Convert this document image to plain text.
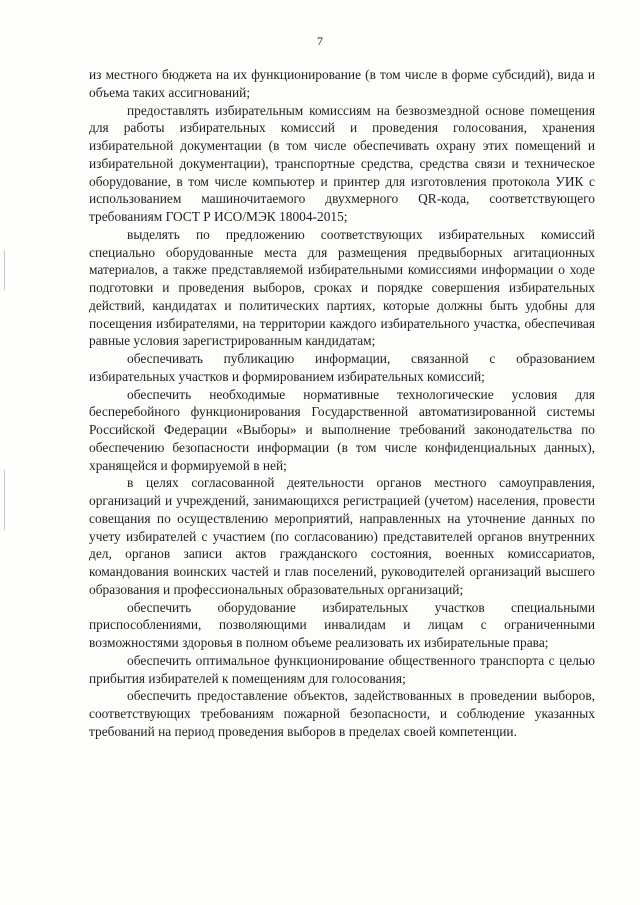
7

из местного бюджета на их функционирование (в том числе в форме субсидий), вида и объема таких ассигнований;

предоставлять избирательным комиссиям на безвозмездной основе помещения для работы избирательных комиссий и проведения голосования, хранения избирательной документации (в том числе обеспечивать охрану этих помещений и избирательной документации), транспортные средства, средства связи и техническое оборудование, в том числе компьютер и принтер для изготовления протокола УИК с использованием машиночитаемого двухмерного QR-кода, соответствующего требованиям ГОСТ Р ИСО/МЭК 18004-2015;

выделять по предложению соответствующих избирательных комиссий специально оборудованные места для размещения предвыборных агитационных материалов, а также представляемой избирательными комиссиями информации о ходе подготовки и проведения выборов, сроках и порядке совершения избирательных действий, кандидатах и политических партиях, которые должны быть удобны для посещения избирателями, на территории каждого избирательного участка, обеспечивая равные условия зарегистрированным кандидатам;

обеспечивать публикацию информации, связанной с образованием избирательных участков и формированием избирательных комиссий;

обеспечить необходимые нормативные технологические условия для бесперебойного функционирования Государственной автоматизированной системы Российской Федерации «Выборы» и выполнение требований законодательства по обеспечению безопасности информации (в том числе конфиденциальных данных), хранящейся и формируемой в ней;

в целях согласованной деятельности органов местного самоуправления, организаций и учреждений, занимающихся регистрацией (учетом) населения, провести совещания по осуществлению мероприятий, направленных на уточнение данных по учету избирателей с участием (по согласованию) представителей органов внутренних дел, органов записи актов гражданского состояния, военных комиссариатов, командования воинских частей и глав поселений, руководителей организаций высшего образования и профессиональных образовательных организаций;

обеспечить оборудование избирательных участков специальными приспособлениями, позволяющими инвалидам и лицам с ограниченными возможностями здоровья в полном объеме реализовать их избирательные права;

обеспечить оптимальное функционирование общественного транспорта с целью прибытия избирателей к помещениям для голосования;

обеспечить предоставление объектов, задействованных в проведении выборов, соответствующих требованиям пожарной безопасности, и соблюдение указанных требований на период проведения выборов в пределах своей компетенции.
